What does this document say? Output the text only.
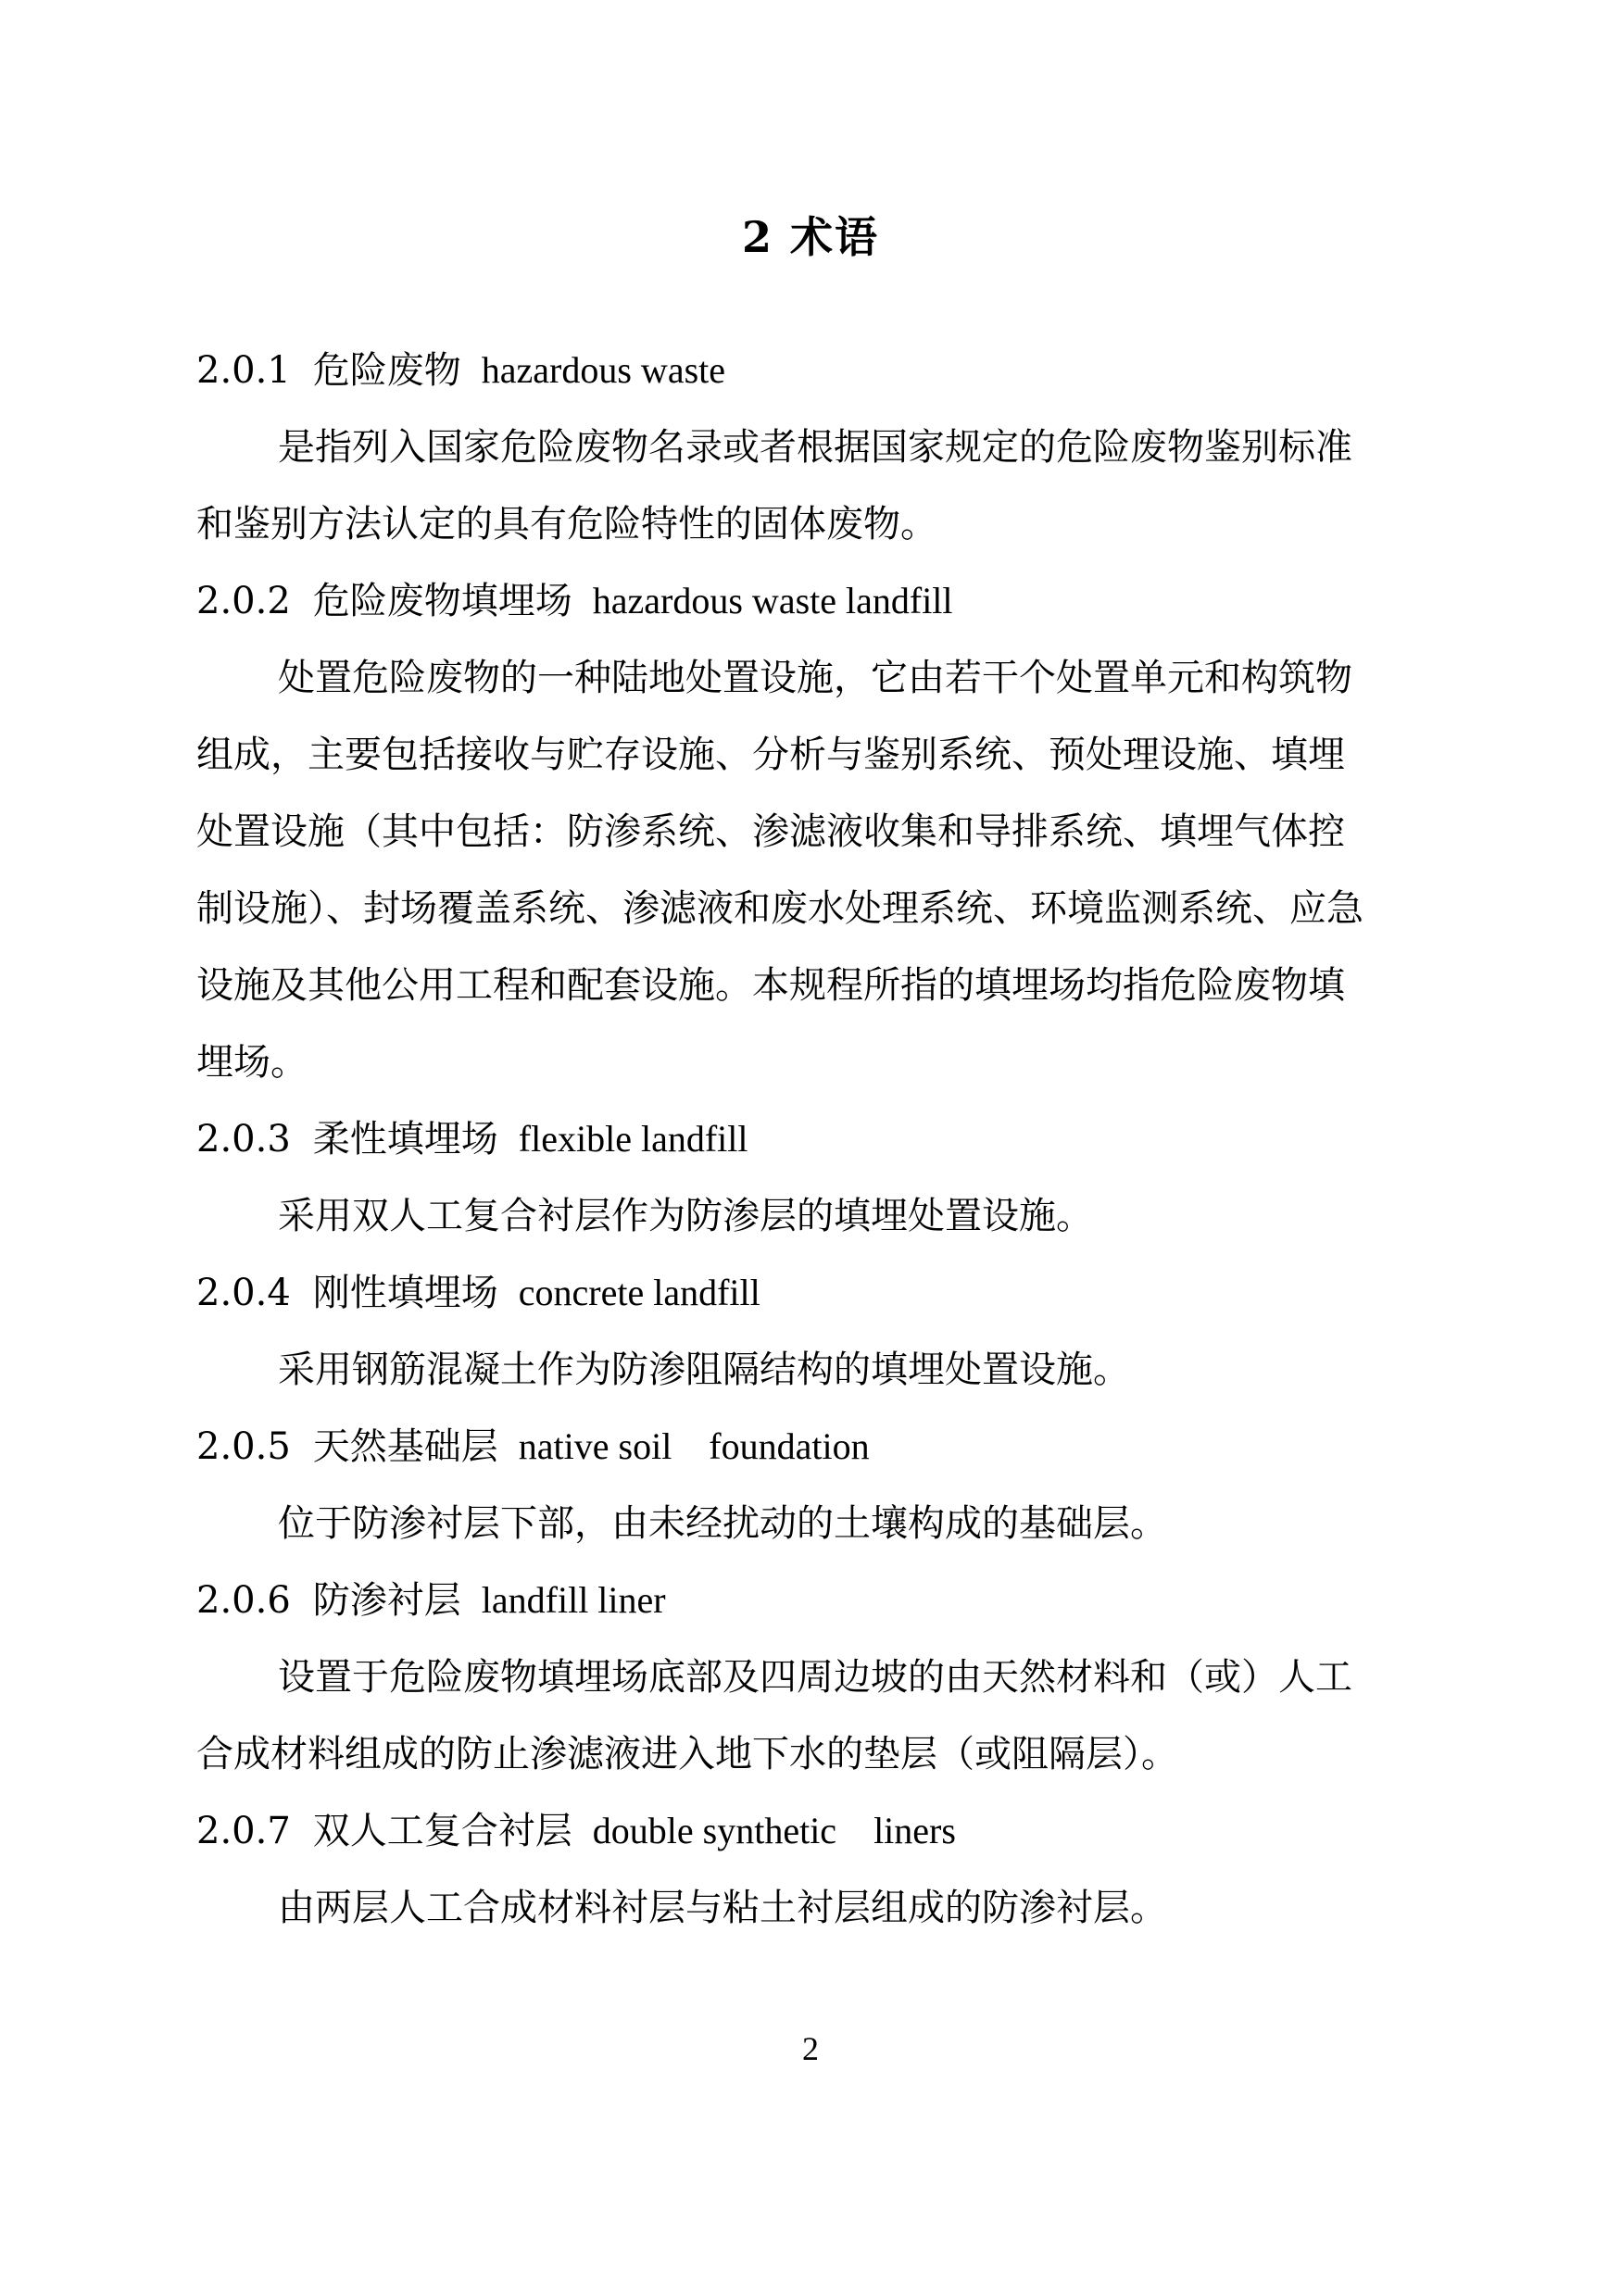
2 术语
2.0.1 危险废物 hazardous waste
是指列入国家危险废物名录或者根据国家规定的危险废物鉴别标准
和鉴别方法认定的具有危险特性的固体废物。
2.0.2 危险废物填埋场 hazardous waste landfill
处置危险废物的一种陆地处置设施，它由若干个处置单元和构筑物
组成，主要包括接收与贮存设施、分析与鉴别系统、预处理设施、填埋
处置设施（其中包括：防渗系统、渗滤液收集和导排系统、填埋气体控
制设施）、封场覆盖系统、渗滤液和废水处理系统、环境监测系统、应急
设施及其他公用工程和配套设施。本规程所指的填埋场均指危险废物填
埋场。
2.0.3 柔性填埋场 flexible landfill
采用双人工复合衬层作为防渗层的填埋处置设施。
2.0.4 刚性填埋场 concrete landfill
采用钢筋混凝土作为防渗阻隔结构的填埋处置设施。
2.0.5 天然基础层 native soil    foundation
位于防渗衬层下部，由未经扰动的土壤构成的基础层。
2.0.6 防渗衬层 landfill liner
设置于危险废物填埋场底部及四周边坡的由天然材料和（或）人工
合成材料组成的防止渗滤液进入地下水的垫层（或阻隔层）。
2.0.7 双人工复合衬层 double synthetic    liners
由两层人工合成材料衬层与粘土衬层组成的防渗衬层。
2
